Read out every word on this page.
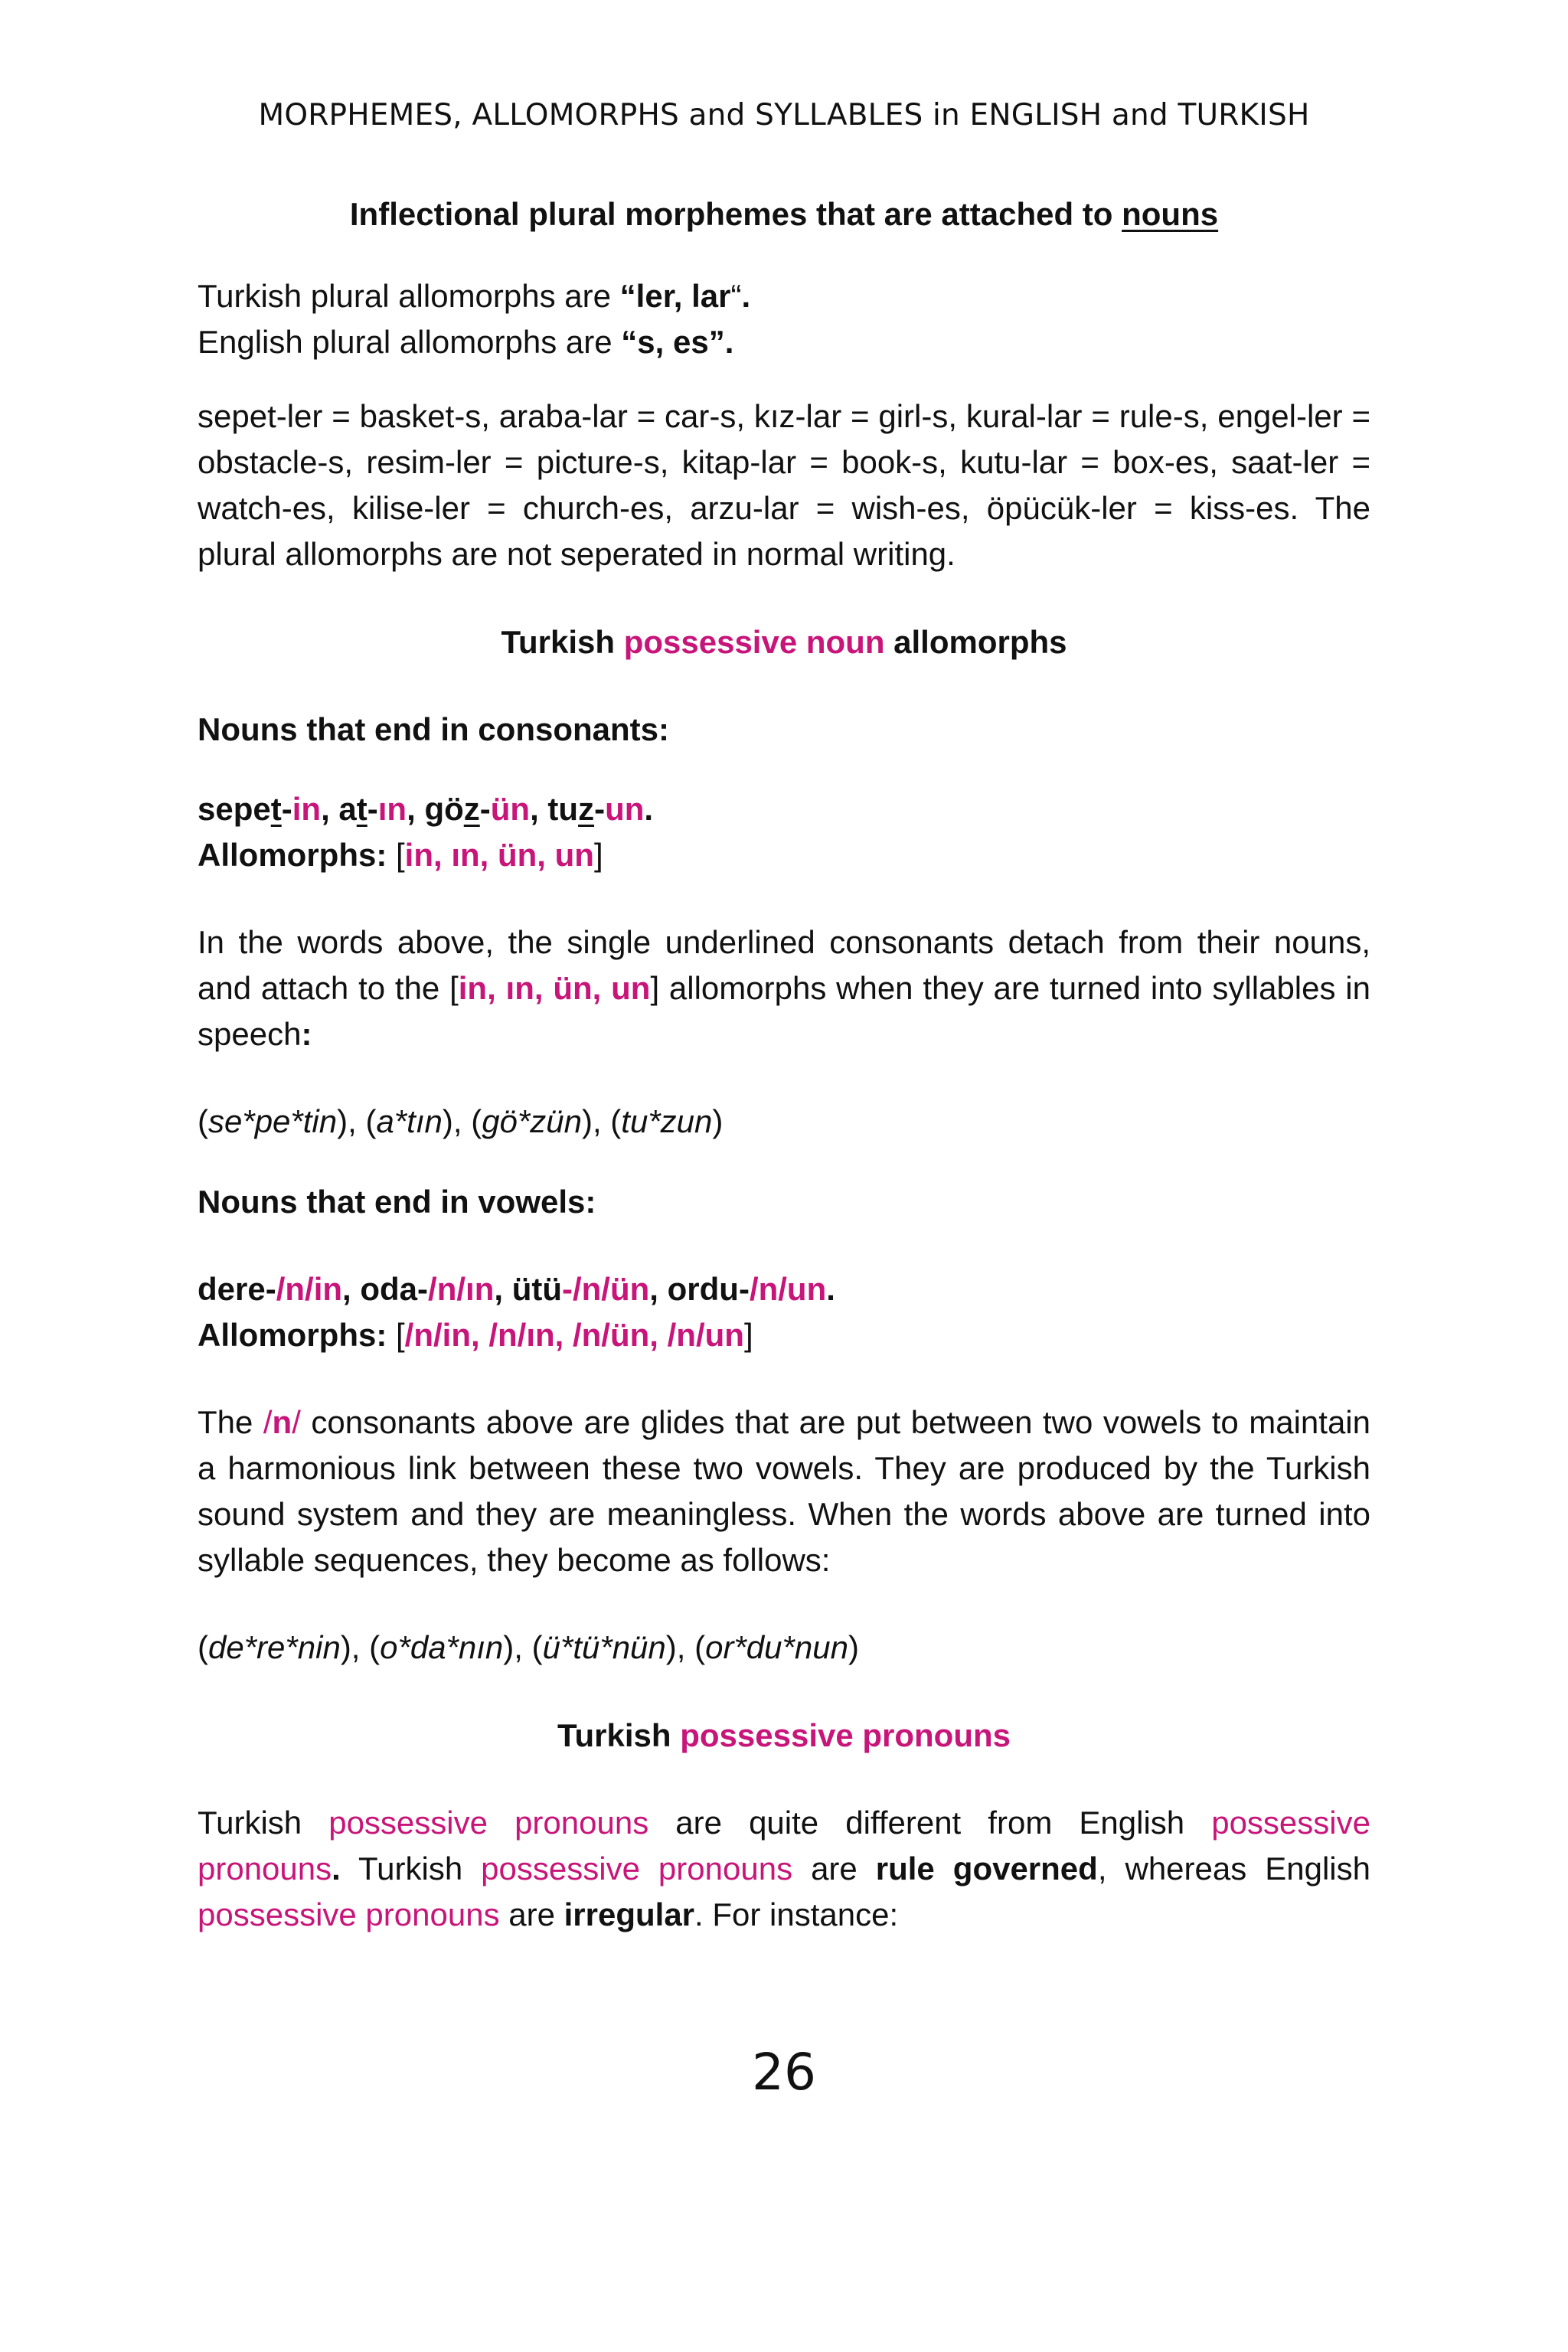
MORPHEMES, ALLOMORPHS and SYLLABLES in ENGLISH and TURKISH

Inflectional plural morphemes that are attached to nouns

Turkish plural allomorphs are “ler, lar“.

English plural allomorphs are “s, es”.

sepet-ler = basket-s, araba-lar = car-s, kız-lar = girl-s, kural-lar = rule-s, engel-ler = obstacle-s, resim-ler = picture-s, kitap-lar = book-s, kutu-lar = box-es, saat-ler = watch-es, kilise-ler = church-es, arzu-lar = wish-es, öpücük-ler = kiss-es. The plural allomorphs are not seperated in normal writing.

Turkish possessive noun allomorphs

Nouns that end in consonants:

sepet-in, at-ın, göz-ün, tuz-un.

Allomorphs: [in, ın, ün, un]

In the words above, the single underlined consonants detach from their nouns, and attach to the [in, ın, ün, un] allomorphs when they are turned into syllables in speech:

(se*pe*tin), (a*tın), (gö*zün), (tu*zun)

Nouns that end in vowels:

dere-/n/in, oda-/n/ın, ütü-/n/ün, ordu-/n/un.

Allomorphs: [/n/in, /n/ın, /n/ün, /n/un]

The /n/ consonants above are glides that are put between two vowels to maintain a harmonious link between these two vowels. They are produced by the Turkish sound system and they are meaningless. When the words above are turned into syllable sequences, they become as follows:

(de*re*nin), (o*da*nın), (ü*tü*nün), (or*du*nun)

Turkish possessive pronouns

Turkish possessive pronouns are quite different from English possessive pronouns. Turkish possessive pronouns are rule governed, whereas English possessive pronouns are irregular. For instance:

26
